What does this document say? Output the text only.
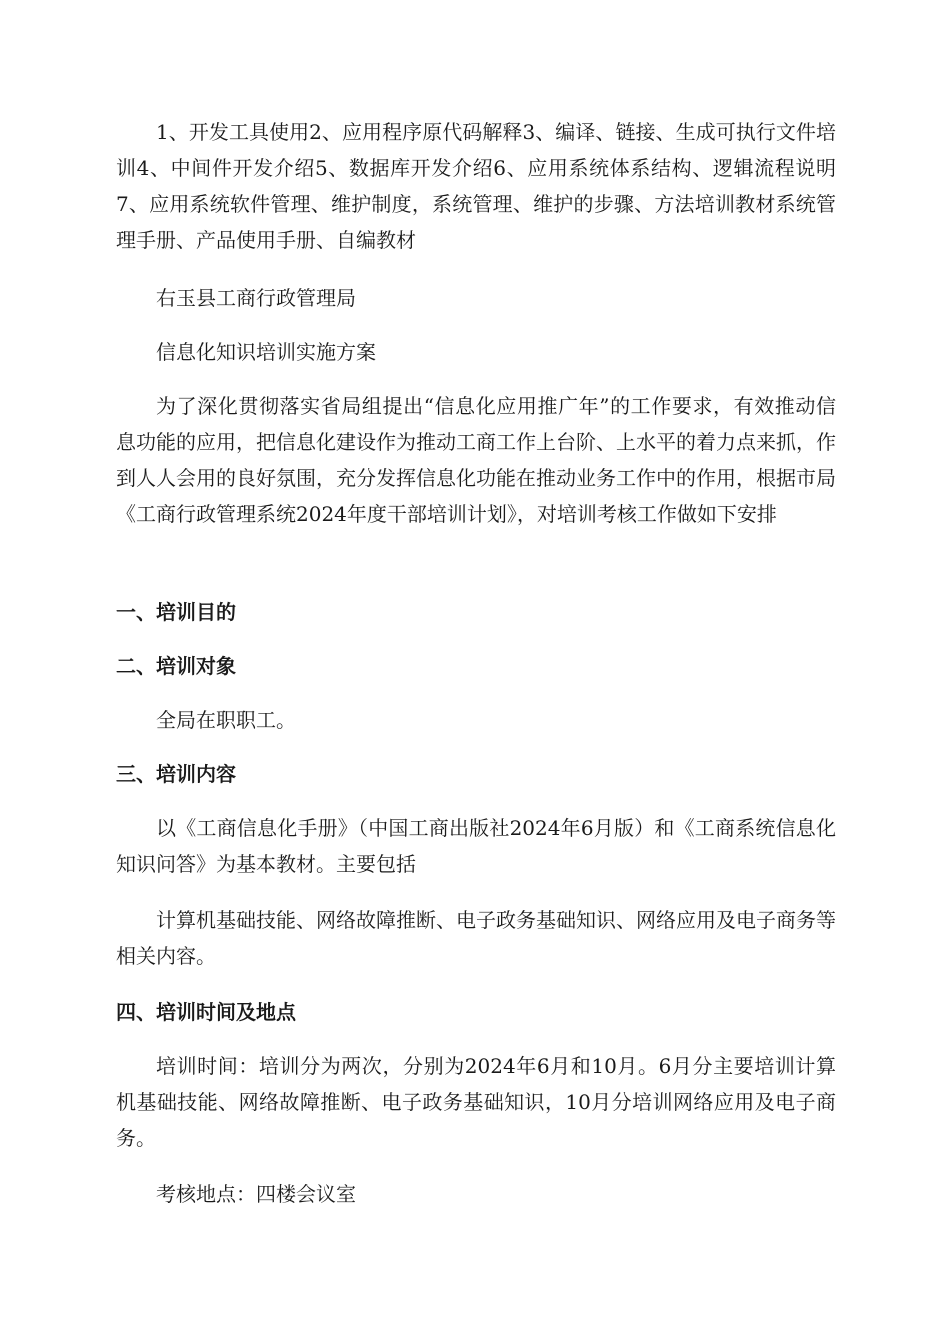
1、开发工具使用2、应用程序原代码解释3、编译、链接、生成可执行文件培训4、中间件开发介绍5、数据库开发介绍6、应用系统体系结构、逻辑流程说明7、应用系统软件管理、维护制度，系统管理、维护的步骤、方法培训教材系统管理手册、产品使用手册、自编教材

右玉县工商行政管理局

信息化知识培训实施方案

为了深化贯彻落实省局组提出“信息化应用推广年”的工作要求，有效推动信息功能的应用，把信息化建设作为推动工商工作上台阶、上水平的着力点来抓，作到人人会用的良好氛围，充分发挥信息化功能在推动业务工作中的作用，根据市局《工商行政管理系统2024年度干部培训计划》，对培训考核工作做如下安排

一、培训目的
二、培训对象

全局在职职工。

三、培训内容

以《工商信息化手册》（中国工商出版社2024年6月版）和《工商系统信息化知识问答》为基本教材。主要包括

计算机基础技能、网络故障推断、电子政务基础知识、网络应用及电子商务等相关内容。

四、培训时间及地点

培训时间：培训分为两次，分别为2024年6月和10月。6月分主要培训计算机基础技能、网络故障推断、电子政务基础知识，10月分培训网络应用及电子商务。

考核地点：四楼会议室
